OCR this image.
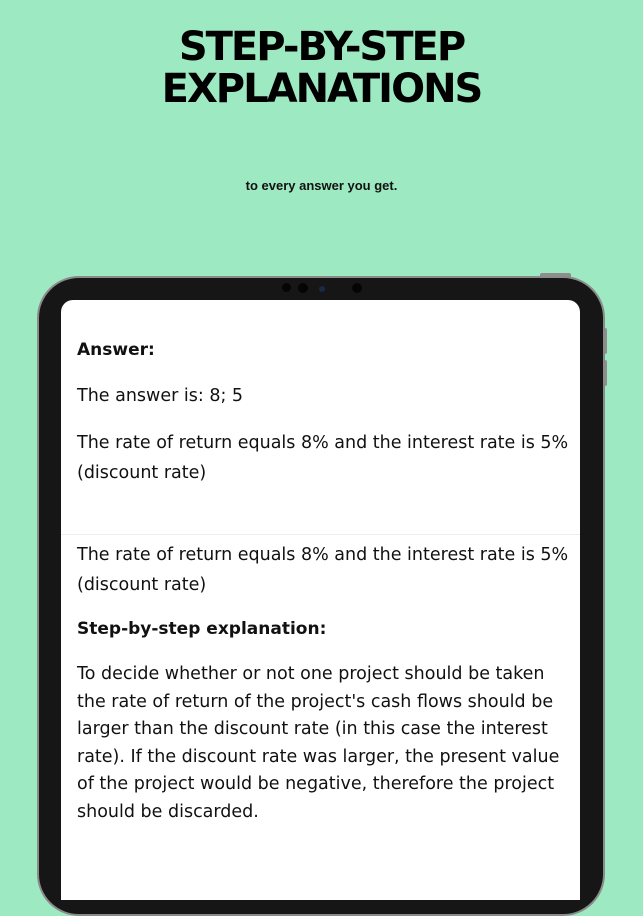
STEP-BY-STEP
EXPLANATIONS

to every answer you get.

Answer:

The answer is: 8; 5

The rate of return equals 8% and the interest rate is 5% (discount rate)

The rate of return equals 8% and the interest rate is 5% (discount rate)

Step-by-step explanation:

To decide whether or not one project should be taken the rate of return of the project's cash flows should be larger than the discount rate (in this case the interest rate). If the discount rate was larger, the present value of the project would be negative, therefore the project should be discarded.
